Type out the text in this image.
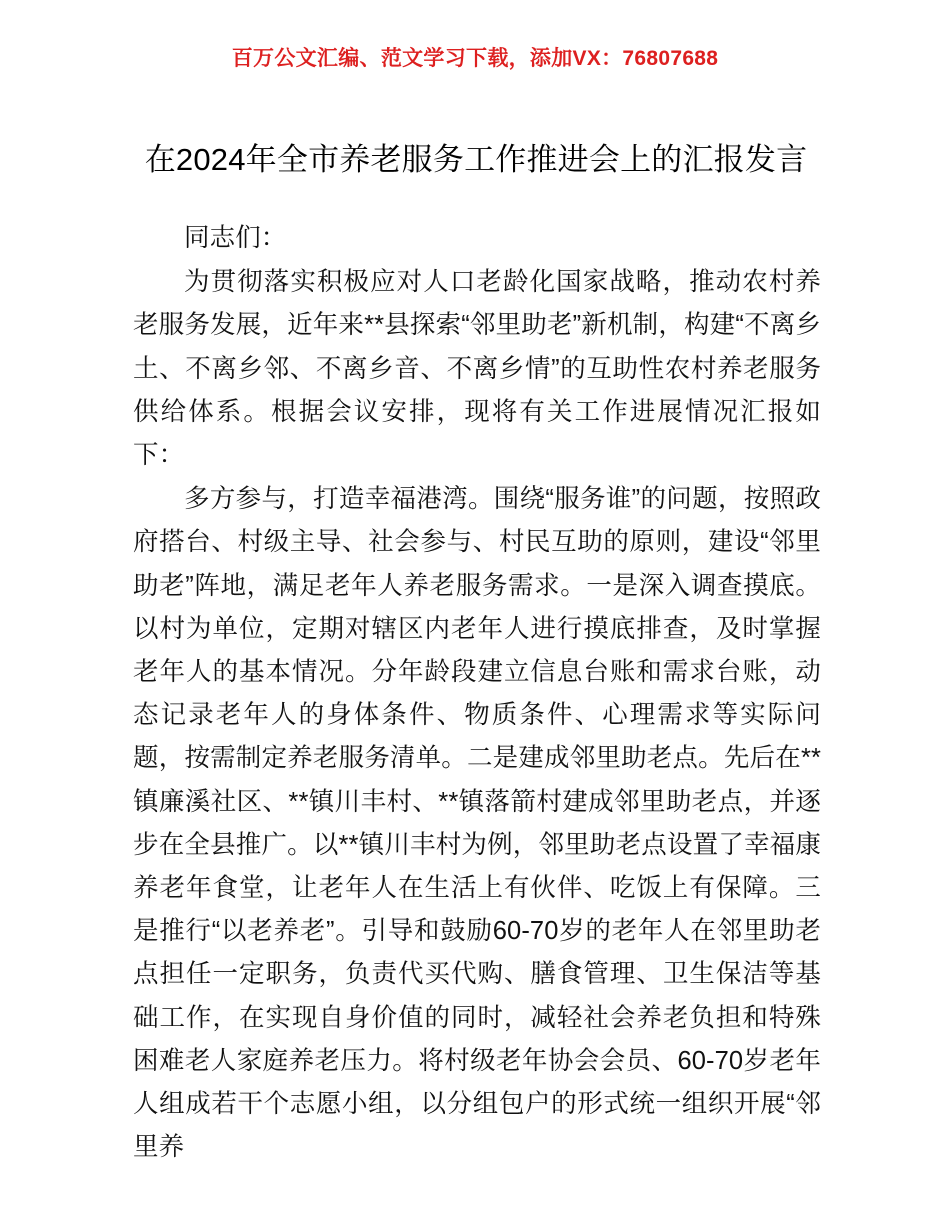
百万公文汇编、范文学习下载，添加VX：76807688
在2024年全市养老服务工作推进会上的汇报发言

同志们：

为贯彻落实积极应对人口老龄化国家战略，推动农村养老服务发展，近年来**县探索“邻里助老”新机制，构建“不离乡土、不离乡邻、不离乡音、不离乡情”的互助性农村养老服务供给体系。根据会议安排，现将有关工作进展情况汇报如下：

多方参与，打造幸福港湾。围绕“服务谁”的问题，按照政府搭台、村级主导、社会参与、村民互助的原则，建设“邻里助老”阵地，满足老年人养老服务需求。一是深入调查摸底。以村为单位，定期对辖区内老年人进行摸底排查，及时掌握老年人的基本情况。分年龄段建立信息台账和需求台账，动态记录老年人的身体条件、物质条件、心理需求等实际问题，按需制定养老服务清单。二是建成邻里助老点。先后在**镇廉溪社区、**镇川丰村、**镇落箭村建成邻里助老点，并逐步在全县推广。以**镇川丰村为例，邻里助老点设置了幸福康养老年食堂，让老年人在生活上有伙伴、吃饭上有保障。三是推行“以老养老”。引导和鼓励60-70岁的老年人在邻里助老点担任一定职务，负责代买代购、膳食管理、卫生保洁等基础工作，在实现自身价值的同时，减轻社会养老负担和特殊困难老人家庭养老压力。将村级老年协会会员、60-70岁老年人组成若干个志愿小组，以分组包户的形式统一组织开展“邻里养
